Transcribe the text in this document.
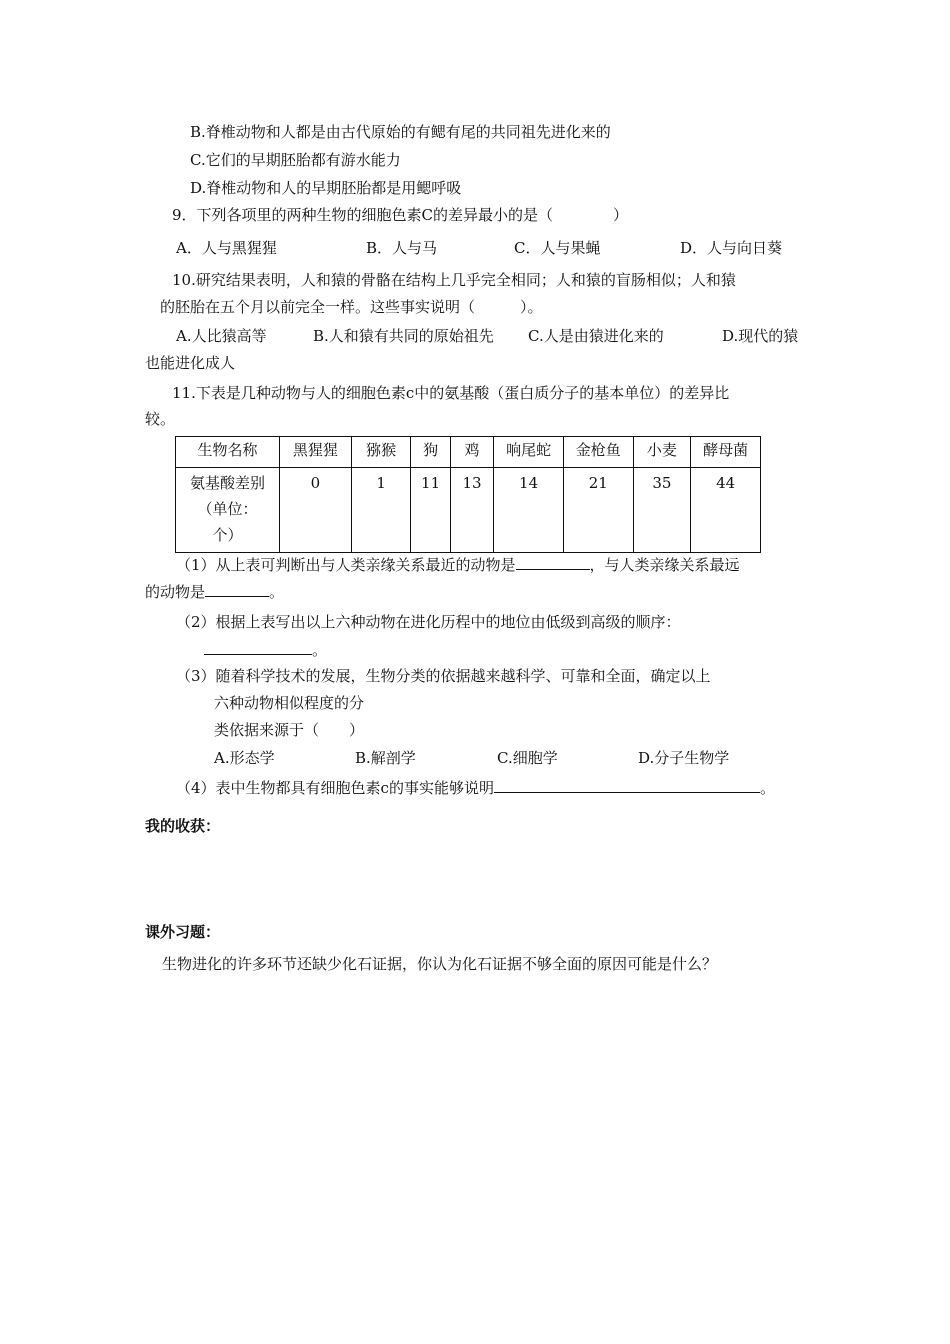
B.脊椎动物和人都是由古代原始的有鳃有尾的共同祖先进化来的
C.它们的早期胚胎都有游水能力
D.脊椎动物和人的早期胚胎都是用鳃呼吸
9．下列各项里的两种生物的细胞色素C的差异最小的是（　　　　）
A．人与黑猩猩	B．人与马	C．人与果蝇	D．人与向日葵
10.研究结果表明，人和猿的骨骼在结构上几乎完全相同；人和猿的盲肠相似；人和猿
的胚胎在五个月以前完全一样。这些事实说明（　　　）。
A.人比猿高等	B.人和猿有共同的原始祖先 C.人是由猿进化来的	D.现代的猿
也能进化成人
11.下表是几种动物与人的细胞色素c中的氨基酸（蛋白质分子的基本单位）的差异比
较。
生物名称	黑猩猩	猕猴	狗	鸡	响尾蛇	金枪鱼	小麦	酵母菌

氨基酸差别
（单位：
个）	0	1	11	13	14	21	35	44
（1）从上表可判断出与人类亲缘关系最近的动物是	，与人类亲缘关系最远
的动物是	。
（2）根据上表写出以上六种动物在进化历程中的地位由低级到高级的顺序：
。
（3）随着科学技术的发展，生物分类的依据越来越科学、可靠和全面，确定以上
六种动物相似程度的分
类依据来源于（　　）
A.形态学	B.解剖学	C.细胞学	D.分子生物学
（4）表中生物都具有细胞色素c的事实能够说明	。
我的收获：
课外习题：
生物进化的许多环节还缺少化石证据，你认为化石证据不够全面的原因可能是什么？
